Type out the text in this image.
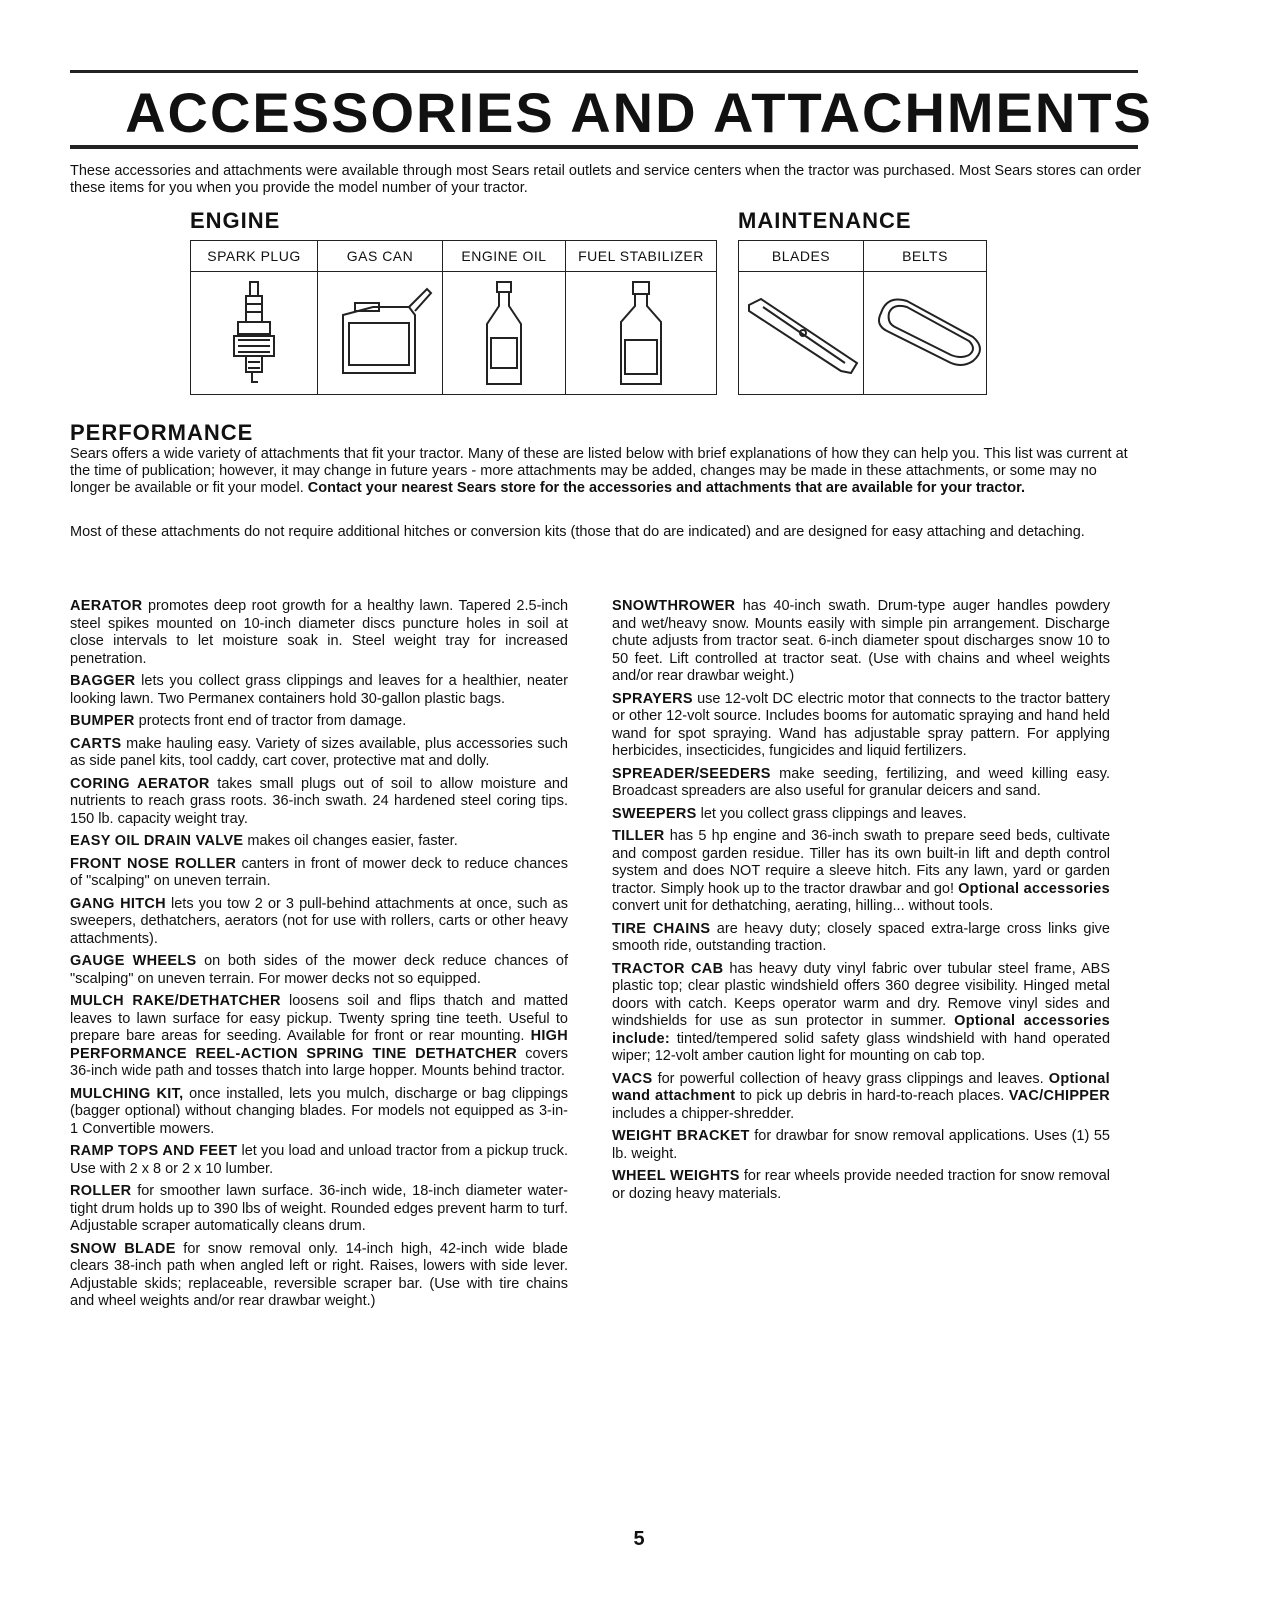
ACCESSORIES AND ATTACHMENTS

These accessories and attachments were available through most Sears retail outlets and service centers when the tractor was purchased. Most Sears stores can order these items for you when you provide the model number of your tractor.

ENGINE	MAINTENANCE
SPARK PLUG	GAS CAN	ENGINE OIL	FUEL STABILIZER

		BLADES	BELTS

PERFORMANCE

Sears offers a wide variety of attachments that fit your tractor. Many of these are listed below with brief explanations of how they can help you. This list was current at the time of publication; however, it may change in future years - more attachments may be added, changes may be made in these attachments, or some may no longer be available or fit your model. Contact your nearest Sears store for the accessories and attachments that are available for your tractor.

Most of these attachments do not require additional hitches or conversion kits (those that do are indicated) and are designed for easy attaching and detaching.

AERATOR promotes deep root growth for a healthy lawn. Tapered 2.5-inch steel spikes mounted on 10-inch diameter discs puncture holes in soil at close intervals to let moisture soak in. Steel weight tray for increased penetration.

BAGGER lets you collect grass clippings and leaves for a healthier, neater looking lawn. Two Permanex containers hold 30-gallon plastic bags.

BUMPER protects front end of tractor from damage.

CARTS make hauling easy. Variety of sizes available, plus accessories such as side panel kits, tool caddy, cart cover, protective mat and dolly.

CORING AERATOR takes small plugs out of soil to allow moisture and nutrients to reach grass roots. 36-inch swath. 24 hardened steel coring tips. 150 lb. capacity weight tray.

EASY OIL DRAIN VALVE makes oil changes easier, faster.

FRONT NOSE ROLLER canters in front of mower deck to reduce chances of "scalping" on uneven terrain.

GANG HITCH lets you tow 2 or 3 pull-behind attachments at once, such as sweepers, dethatchers, aerators (not for use with rollers, carts or other heavy attachments).

GAUGE WHEELS on both sides of the mower deck reduce chances of "scalping" on uneven terrain. For mower decks not so equipped.

MULCH RAKE/DETHATCHER loosens soil and flips thatch and matted leaves to lawn surface for easy pickup. Twenty spring tine teeth. Useful to prepare bare areas for seeding. Available for front or rear mounting. HIGH PERFORMANCE REEL-ACTION SPRING TINE DETHATCHER covers 36-inch wide path and tosses thatch into large hopper. Mounts behind tractor.

MULCHING KIT, once installed, lets you mulch, discharge or bag clippings (bagger optional) without changing blades. For models not equipped as 3-in-1 Convertible mowers.

RAMP TOPS AND FEET let you load and unload tractor from a pickup truck. Use with 2 x 8 or 2 x 10 lumber.

ROLLER for smoother lawn surface. 36-inch wide, 18-inch diameter water-tight drum holds up to 390 lbs of weight. Rounded edges prevent harm to turf. Adjustable scraper automatically cleans drum.

SNOW BLADE for snow removal only. 14-inch high, 42-inch wide blade clears 38-inch path when angled left or right. Raises, lowers with side lever. Adjustable skids; replaceable, reversible scraper bar. (Use with tire chains and wheel weights and/or rear drawbar weight.)

SNOWTHROWER has 40-inch swath. Drum-type auger handles powdery and wet/heavy snow. Mounts easily with simple pin arrangement. Discharge chute adjusts from tractor seat. 6-inch diameter spout discharges snow 10 to 50 feet. Lift controlled at tractor seat. (Use with chains and wheel weights and/or rear drawbar weight.)

SPRAYERS use 12-volt DC electric motor that connects to the tractor battery or other 12-volt source. Includes booms for automatic spraying and hand held wand for spot spraying. Wand has adjustable spray pattern. For applying herbicides, insecticides, fungicides and liquid fertilizers.

SPREADER/SEEDERS make seeding, fertilizing, and weed killing easy. Broadcast spreaders are also useful for granular deicers and sand.

SWEEPERS let you collect grass clippings and leaves.

TILLER has 5 hp engine and 36-inch swath to prepare seed beds, cultivate and compost garden residue. Tiller has its own built-in lift and depth control system and does NOT require a sleeve hitch. Fits any lawn, yard or garden tractor. Simply hook up to the tractor drawbar and go! Optional accessories convert unit for dethatching, aerating, hilling... without tools.

TIRE CHAINS are heavy duty; closely spaced extra-large cross links give smooth ride, outstanding traction.

TRACTOR CAB has heavy duty vinyl fabric over tubular steel frame, ABS plastic top; clear plastic windshield offers 360 degree visibility. Hinged metal doors with catch. Keeps operator warm and dry. Remove vinyl sides and windshields for use as sun protector in summer. Optional accessories include: tinted/tempered solid safety glass windshield with hand operated wiper; 12-volt amber caution light for mounting on cab top.

VACS for powerful collection of heavy grass clippings and leaves. Optional wand attachment to pick up debris in hard-to-reach places. VAC/CHIPPER includes a chipper-shredder.

WEIGHT BRACKET for drawbar for snow removal applications. Uses (1) 55 lb. weight.

WHEEL WEIGHTS for rear wheels provide needed traction for snow removal or dozing heavy materials.

5
